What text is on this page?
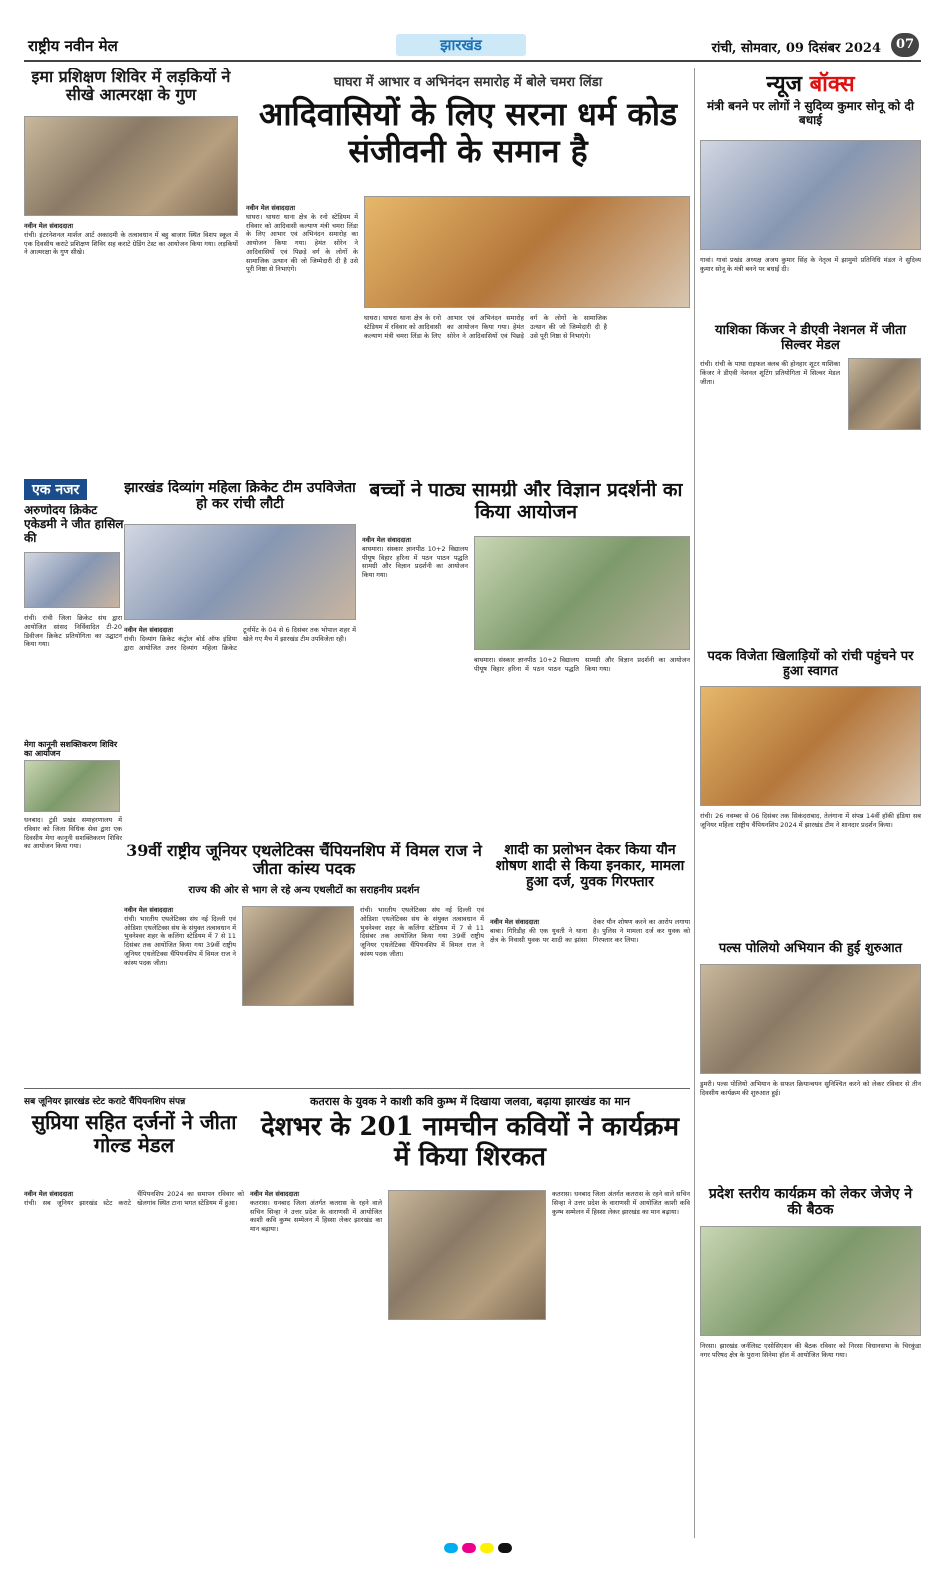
राष्ट्रीय नवीन मेल	झारखंड	रांची, सोमवार, 09 दिसंबर 2024	07
इमा प्रशिक्षण शिविर में लड़कियों ने सीखे आत्मरक्षा के गुण
नवीन मेल संवाददाता
रांची। इंटरनेशनल मार्शल आर्ट अकादमी के तत्वावधान में बहु बाजार स्थित विशप स्कूल में एक दिवसीय कराटे प्रशिक्षण शिविर सह कराटे ग्रेडिंग टेस्ट का आयोजन किया गया। लड़कियों ने आत्मरक्षा के गुण सीखे।
एक नजर
अरुणोदय क्रिकेट एकेडमी ने जीत हासिल की
रांची। रांची जिला क्रिकेट संघ द्वारा आयोजित सांसद निर्विवादित टी-20 डिवीजन क्रिकेट प्रतियोगिता का उद्घाटन किया गया।
मेगा कानूनी सशक्तिकरण शिविर का आयोजन
धनबाद। टुंडी प्रखंड समाहरणालय में रविवार को जिला विधिक सेवा द्वारा एक दिवसीय मेगा कानूनी सशक्तिकरण शिविर का आयोजन किया गया।
घाघरा में आभार व अभिनंदन समारोह में बोले चमरा लिंडा
आदिवासियों के लिए सरना धर्म कोड संजीवनी के समान है
नवीन मेल संवाददाता
घाघरा। घाघरा थाना क्षेत्र के रनो स्टेडियम में रविवार को आदिवासी कल्याण मंत्री चमरा लिंडा के लिए आभार एवं अभिनंदन समारोह का आयोजन किया गया। हेमंत सोरेन ने आदिवासियों एवं पिछड़े वर्ग के लोगों के सामाजिक उत्थान की जो जिम्मेदारी दी है उसे पूरी निष्ठा से निभाएंगे।
घाघरा। घाघरा थाना क्षेत्र के रनो स्टेडियम में रविवार को आदिवासी कल्याण मंत्री चमरा लिंडा के लिए आभार एवं अभिनंदन समारोह का आयोजन किया गया। हेमंत सोरेन ने आदिवासियों एवं पिछड़े वर्ग के लोगों के सामाजिक उत्थान की जो जिम्मेदारी दी है उसे पूरी निष्ठा से निभाएंगे।
झारखंड दिव्यांग महिला क्रिकेट टीम उपविजेता हो कर रांची लौटी
नवीन मेल संवाददाता
रांची। दिव्यांग क्रिकेट कंट्रोल बोर्ड ऑफ इंडिया द्वारा आयोजित उत्तर दिव्यांग महिला क्रिकेट टूर्नामेंट के 04 से 6 दिसंबर तक भोपाल शहर में खेले गए मैच में झारखंड टीम उपविजेता रही।
बच्चों ने पाठ्य सामग्री और विज्ञान प्रदर्शनी का किया आयोजन
नवीन मेल संवाददाता
बाघमारा। संस्कार ज्ञानपीठ 10+2 विद्यालय पीयूष विहार हरिना में पठन पाठन पद्धति सामग्री और विज्ञान प्रदर्शनी का आयोजन किया गया।
बाघमारा। संस्कार ज्ञानपीठ 10+2 विद्यालय पीयूष विहार हरिना में पठन पाठन पद्धति सामग्री और विज्ञान प्रदर्शनी का आयोजन किया गया।
39वीं राष्ट्रीय जूनियर एथलेटिक्स चैंपियनशिप में विमल राज ने जीता कांस्य पदक
राज्य की ओर से भाग ले रहे अन्य एथलीटों का सराहनीय प्रदर्शन
नवीन मेल संवाददाता
रांची। भारतीय एथलेटिक्स संघ नई दिल्ली एवं ओडिशा एथलेटिक्स संघ के संयुक्त तत्वावधान में भुवनेश्वर शहर के कलिंगा स्टेडियम में 7 से 11 दिसंबर तक आयोजित किया गया 39वीं राष्ट्रीय जूनियर एथलेटिक्स चैंपियनशिप में विमल राज ने कांस्य पदक जीता।
रांची। भारतीय एथलेटिक्स संघ नई दिल्ली एवं ओडिशा एथलेटिक्स संघ के संयुक्त तत्वावधान में भुवनेश्वर शहर के कलिंगा स्टेडियम में 7 से 11 दिसंबर तक आयोजित किया गया 39वीं राष्ट्रीय जूनियर एथलेटिक्स चैंपियनशिप में विमल राज ने कांस्य पदक जीता।
शादी का प्रलोभन देकर किया यौन शोषण शादी से किया इनकार, मामला हुआ दर्ज, युवक गिरफ्तार
नवीन मेल संवाददाता
बाबा। गिरिडीह की एक युवती ने थाना क्षेत्र के निवासी युवक पर शादी का झांसा देकर यौन शोषण करने का आरोप लगाया है। पुलिस ने मामला दर्ज कर युवक को गिरफ्तार कर लिया।
सब जूनियर झारखंड स्टेट कराटे चैंपियनशिप संपन्न
सुप्रिया सहित दर्जनों ने जीता गोल्ड मेडल
नवीन मेल संवाददाता
रांची। सब जूनियर झारखंड स्टेट कराटे चैंपियनशिप 2024 का समापन रविवार को खेलगांव स्थित टाना भगत स्टेडियम में हुआ।
कतरास के युवक ने काशी कवि कुम्भ में दिखाया जलवा, बढ़ाया झारखंड का मान
देशभर के 201 नामचीन कवियों ने कार्यक्रम में किया शिरकत
नवीन मेल संवाददाता
कतरास। धनबाद जिला अंतर्गत कतरास के रहने वाले सचिन सिन्हा ने उत्तर प्रदेश के वाराणसी में आयोजित काशी कवि कुम्भ सम्मेलन में हिस्सा लेकर झारखंड का मान बढ़ाया।
कतरास। धनबाद जिला अंतर्गत कतरास के रहने वाले सचिन सिन्हा ने उत्तर प्रदेश के वाराणसी में आयोजित काशी कवि कुम्भ सम्मेलन में हिस्सा लेकर झारखंड का मान बढ़ाया।
न्यूज बॉक्स
मंत्री बनने पर लोगों ने सुदिव्य कुमार सोनू को दी बधाई
गावां। गावां प्रखंड अध्यक्ष अजय कुमार सिंह के नेतृत्व में झामुमो प्रतिनिधि मंडल ने सुदिव्य कुमार सोनू के मंत्री बनने पर बधाई दी।
याशिका किंजर ने डीएवी नेशनल में जीता सिल्वर मेडल
रांची। रांची के पाथा राइफल क्लब की होनहार शूटर याशिका किंजर ने डीएवी नेशनल शूटिंग प्रतियोगिता में सिल्वर मेडल जीता।
पदक विजेता खिलाड़ियों को रांची पहुंचने पर हुआ स्वागत
रांची। 26 नवम्बर से 06 दिसंबर तक सिकंदराबाद, तेलंगाना में संपन्न 14वीं हॉकी इंडिया सब जूनियर महिला राष्ट्रीय चैंपियनशिप 2024 में झारखंड टीम ने शानदार प्रदर्शन किया।
पल्स पोलियो अभियान की हुई शुरुआत
डुमरी। पल्स पोलियो अभियान के सफल क्रियान्वयन सुनिश्चित करने को लेकर रविवार से तीन दिवसीय कार्यक्रम की शुरुआत हुई।
प्रदेश स्तरीय कार्यक्रम को लेकर जेजेए ने की बैठक
निरसा। झारखंड जर्नलिस्ट एसोसिएशन की बैठक रविवार को निरसा विधानसभा के चिरकुंडा नगर परिषद क्षेत्र के पुराना सिनेमा हॉल में आयोजित किया गया।
